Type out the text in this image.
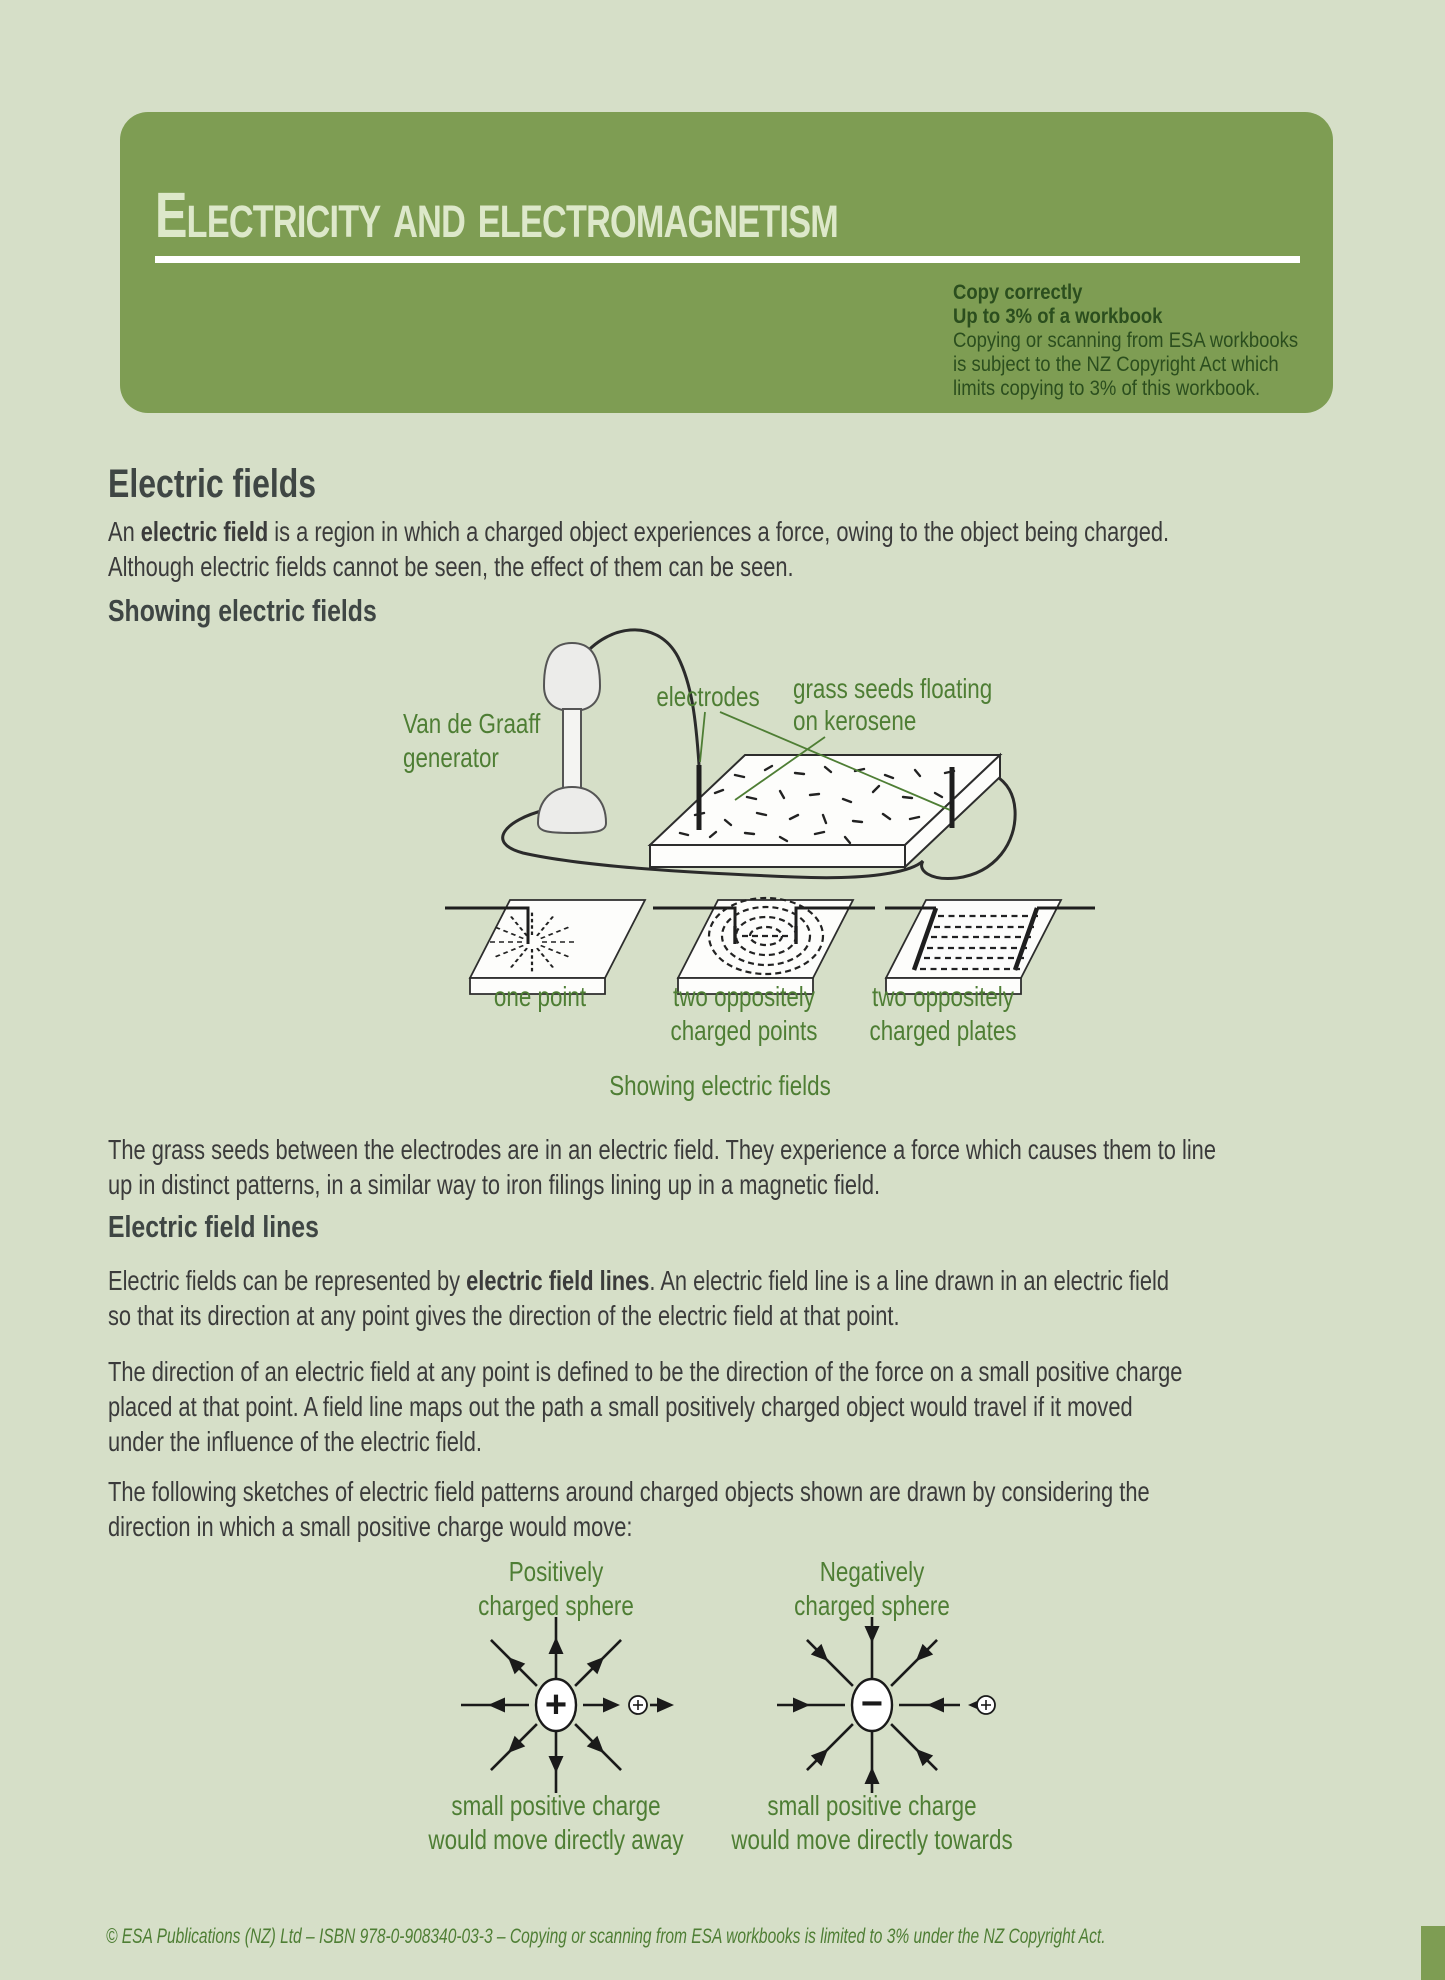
Electricity and electromagnetism
Copy correctly
Up to 3% of a workbook
Copying or scanning from ESA workbooks
is subject to the NZ Copyright Act which
limits copying to 3% of this workbook.
Electric fields
An electric field is a region in which a charged object experiences a force, owing to the object being charged.
Although electric fields cannot be seen, the effect of them can be seen.
Showing electric fields
Van de Graaff
generator
electrodes	grass seeds floating
on kerosene
one point	two oppositely
charged points
two oppositely
charged plates
Showing electric fields
The grass seeds between the electrodes are in an electric field. They experience a force which causes them to line
up in distinct patterns, in a similar way to iron filings lining up in a magnetic field.
Electric field lines
Electric fields can be represented by electric field lines. An electric field line is a line drawn in an electric field
so that its direction at any point gives the direction of the electric field at that point.
The direction of an electric field at any point is defined to be the direction of the force on a small positive charge
placed at that point. A field line maps out the path a small positively charged object would travel if it moved
under the influence of the electric field.
The following sketches of electric field patterns around charged objects shown are drawn by considering the
direction in which a small positive charge would move:
Positively
charged sphere
Negatively
charged sphere
+	−
small positive charge
would move directly away
small positive charge
would move directly towards
© ESA Publications (NZ) Ltd – ISBN 978-0-908340-03-3 – Copying or scanning from ESA workbooks is limited to 3% under the NZ Copyright Act.
